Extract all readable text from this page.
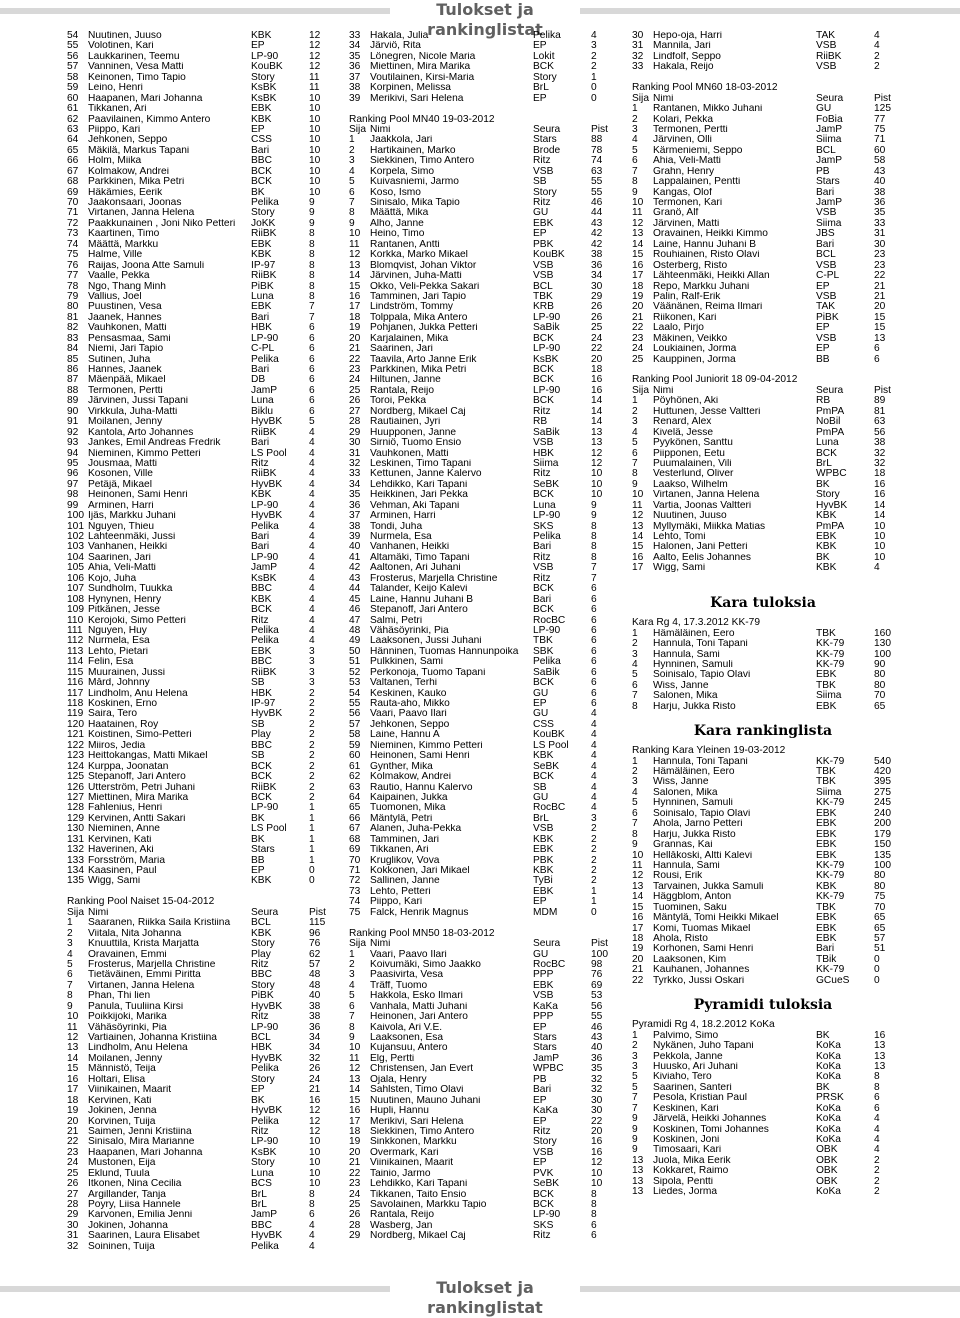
Tulokset ja rankinglistat
54 Nuutinen, Juuso	KBK	12
55 Volotinen, Kari	EP	12
56 Laukkarinen, Teemu	LP-90	12
57 Vanninen, Vesa Matti	KouBK	12
58 Keinonen, Timo Tapio	Story	11
59 Leino, Henri	KsBK	11
60 Haapanen, Mari Johanna	KsBK	10
61 Tikkanen, Ari	EBK	10
62 Paavilainen, Kimmo Antero	KBK	10
63 Piippo, Kari	EP	10
64 Jehkonen, Seppo	CSS	10
65 Mäkilä, Markus Tapani	Bari	10
66 Holm, Miika	BBC	10
67 Kolmakow, Andrei	BCK	10
68 Parkkinen, Mika Petri	BCK	10
69 Häkämies, Eerik	BK	10
70 Jaakonsaari, Joonas	Pelika	9
71 Virtanen, Janna Helena	Story	9
72 Paakkunainen , Joni Niko Petteri	JoKK	9
73 Kaartinen, Timo	RiiBK	8
74 Määttä, Markku	EBK	8
75 Halme, Ville	KBK	8
76 Raijas, Joona Atte Samuli	IP-97	8
77 Vaalle, Pekka	RiiBK	8
78 Ngo, Thang Minh	PiBK	8
79 Vallius, Joel	Luna	8
80 Puustinen, Vesa	EBK	7
81 Jaanek, Hannes	Bari	7
82 Vauhkonen, Matti	HBK	6
83 Pensasmaa, Sami	LP-90	6
84 Niemi, Jari Tapio	C-PL	6
85 Sutinen, Juha	Pelika	6
86 Hannes, Jaanek	Bari	6
87 Mäenpää, Mikael	DB	6
88 Termonen, Pertti	JamP	6
89 Järvinen, Jussi Tapani	Luna	6
90 Virkkula, Juha-Matti	Biklu	6
91 Moilanen, Jenny	HyvBK	5
92 Kantola, Arto Johannes	RiiBK	4
93 Jankes, Emil Andreas Fredrik	Bari	4
94 Nieminen, Kimmo Petteri	LS Pool	4
95 Jousmaa, Matti	Ritz	4
96 Kosonen, Ville	RiiBK	4
97 Petäjä, Mikael	HyvBK	4
98 Heinonen, Sami Henri	KBK	4
99 Arminen, Harri	LP-90	4
100 Ijäs, Markku Juhani	HyvBK	4
101 Nguyen, Thieu	Pelika	4
102 Lahteenmäki, Jussi	Bari	4
103 Vanhanen, Heikki	Bari	4
104 Saarinen, Jari	LP-90	4
105 Ahia, Veli-Matti	JamP	4
106 Kojo, Juha	KsBK	4
107 Sundholm, Tuukka	BBC	4
108 Hynynen, Henry	KBK	4
109 Pitkänen, Jesse	BCK	4
110 Kerojoki, Simo Petteri	Ritz	4
111 Nguyen, Huy	Pelika	4
112 Nurmela, Esa	Pelika	4
113 Lehto, Pietari	EBK	3
114 Felin, Esa	BBC	3
115 Muurainen, Jussi	RiiBK	3
116 Mård, Johnny	SB	3
117 Lindholm, Anu Helena	HBK	2
118 Koskinen, Erno	IP-97	2
119 Saira, Tero	HyvBK	2
120 Haatainen, Roy	SB	2
121 Koistinen, Simo-Petteri	Play	2
122 Miiros, Jedia	BBC	2
123 Heittokangas, Matti Mikael	SB	2
124 Kurppa, Joonatan	BCK	2
125 Stepanoff, Jari Antero	BCK	2
126 Utterström, Petri Juhani	RiiBK	2
127 Miettinen, Mira Marika	BCK	2
128 Fahlenius, Henri	LP-90	1
129 Kervinen, Antti Sakari	BK	1
130 Nieminen, Anne	LS Pool	1
131 Kervinen, Kati	BK	1
132 Haverinen, Aki	Stars	1
133 Forsström, Maria	BB	1
134 Kaasinen, Paul	EP	0
135 Wigg, Sami	KBK	0
Ranking Pool Naiset 15-04-2012
Sija Nimi	Seura	Pist
1	Saaranen, Riikka Saila Kristiina	BCL	115
2	Viitala, Nita Johanna	KBK	96
3	Knuuttila, Krista Marjatta	Story	76
4	Oravainen, Emmi	Play	62
5	Frosterus, Marjella Christine	Ritz	57
6	Tietäväinen, Emmi Piritta	BBC	48
7	Virtanen, Janna Helena	Story	48
8	Phan, Thi lien	PiBK	40
9	Panula, Tuuliina Kirsi	HyvBK	38
10 Poikkijoki, Marika	Ritz	38
11	Vähäsöyrinki, Pia	LP-90	36
12 Vartiainen, Johanna Kristiina	BCL	34
13 Lindholm, Anu Helena	HBK	34
14 Moilanen, Jenny	HyvBK	32
15 Männistö, Teija	Pelika	26
16 Holtari, Elisa	Story	24
17 Viinikainen, Maarit	EP	21
18 Kervinen, Kati	BK	16
19 Jokinen, Jenna	HyvBK	12
20 Korvinen, Tuija	Pelika	12
21 Saimen, Jenni Kristiina	Ritz	12
22 Sinisalo, Mira Marianne	LP-90	10
23 Haapanen, Mari Johanna	KsBK	10
24 Mustonen, Eija	Story	10
25 Eklund, Tuula	Luna	10
26 Itkonen, Nina Cecilia	BCS	10
27 Argillander, Tanja	BrL	8
28 Poyry, Liisa Hannele	BrL	8
29 Karvonen, Emilia Jenni	JamP	6
30 Jokinen, Johanna	BBC	4
31 Saarinen, Laura Elisabet	HyvBK	4
32 Soininen, Tuija	Pelika	4
33 Hakala, Julia	Pelika	4
34 Järviö, Rita	EP	3
35 Lönegren, Nicole Maria	Lokit	2
36 Miettinen, Mira Marika	BCK	2
37 Voutilainen, Kirsi-Maria	Story	1
38 Korpinen, Melissa	BrL	0
39 Merikivi, Sari Helena	EP	0
Ranking Pool MN40 19-03-2012
Sija Nimi	Seura	Pist
1	Jaakkola, Jari	Stars	88
2	Hartikainen, Marko	Brode	78
3	Siekkinen, Timo Antero	Ritz	74
4	Korpela, Simo	VSB	63
5	Kuivasniemi, Jarmo	SB	55
6	Koso, Ismo	Story	55
7	Sinisalo, Mika Tapio	Ritz	46
8	Määttä, Mika	GU	44
9	Alho, Janne	EBK	43
10 Heino, Timo	EP	42
11	Rantanen, Antti	PBK	42
12 Korkka, Marko Mikael	KouBK	38
13 Blomqvist, Johan Viktor	VSB	36
14 Järvinen, Juha-Matti	VSB	34
15 Okko, Veli-Pekka Sakari	BCL	30
16 Tamminen, Jari Tapio	TBK	29
17 Lindström, Tommy	KRB	26
18 Tolppala, Mika Antero	LP-90	26
19 Pohjanen, Jukka Petteri	SaBik	25
20 Karjalainen, Mika	BCK	24
21 Saarinen, Jari	LP-90	22
22 Taavila, Arto Janne Erik	KsBK	20
23 Parkkinen, Mika Petri	BCK	18
24 Hiltunen, Janne	BCK	16
25 Rantala, Reijo	LP-90	16
26 Toroi, Pekka	BCK	14
27 Nordberg, Mikael Caj	Ritz	14
28 Rautiainen, Jyri	RB	14
29 Huupponen, Janne	SaBik	13
30 Sirniö, Tuomo Ensio	VSB	13
31 Vauhkonen, Matti	HBK	12
32 Leskinen, Timo Tapani	Siima	12
33 Kettunen, Janne Kalervo	Ritz	10
34 Lehdikko, Kari Tapani	SeBK	10
35 Heikkinen, Jari Pekka	BCK	10
36 Vehman, Aki Tapani	Luna	9
37 Arminen, Harri	LP-90	9
38 Tondi, Juha	SKS	8
39 Nurmela, Esa	Pelika	8
40 Vanhanen, Heikki	Bari	8
41 Altamäki, Timo Tapani	Ritz	8
42 Aaltonen, Ari Juhani	VSB	7
43 Frosterus, Marjella Christine	Ritz	7
44 Talander, Keijo Kalevi	BCK	6
45 Laine, Hannu Juhani B	Bari	6
46 Stepanoff, Jari Antero	BCK	6
47 Salmi, Petri	RocBC	6
48 Vähäsöyrinki, Pia	LP-90	6
49 Laaksonen, Jussi Juhani	TBK	6
50 Hänninen, Tuomas Hannunpoika	SBK	6
51 Pulkkinen, Sami	Pelika	6
52 Perkonoja, Tuomo Tapani	SaBik	6
53 Valtanen, Terhi	BCK	6
54 Keskinen, Kauko	GU	6
55 Rauta-aho, Mikko	EP	6
56 Vaari, Paavo Ilari	GU	4
57 Jehkonen, Seppo	CSS	4
58 Laine, Hannu A	KouBK	4
59 Nieminen, Kimmo Petteri	LS Pool	4
60 Heinonen, Sami Henri	KBK	4
61 Gynther, Mika	SeBK	4
62 Kolmakow, Andrei	BCK	4
63 Rautio, Hannu Kalervo	SB	4
64 Kaipainen, Jukka	GU	4
65 Tuomonen, Mika	RocBC	4
66 Mäntylä, Petri	BrL	3
67 Alanen, Juha-Pekka	VSB	2
68 Tamminen, Jari	KBK	2
69 Tikkanen, Ari	EBK	2
70 Kruglikov, Vova	PBK	2
71 Kokkonen, Jari Mikael	KBK	2
72 Sallinen, Janne	TyBi	2
73 Lehto, Petteri	EBK	1
74 Piippo, Kari	EP	1
75 Falck, Henrik Magnus	MDM	0
Ranking Pool MN50 18-03-2012
Sija Nimi	Seura	Pist
1	Vaari, Paavo Ilari	GU	100
2	Koivumäki, Simo Jaakko	RocBC	98
3	Paasivirta, Vesa	PPP	76
4	Träff, Tuomo	EBK	69
5	Hakkola, Esko Ilmari	VSB	53
6	Vanhala, Matti Juhani	KaKa	56
7	Heinonen, Jari Antero	PPP	55
8	Kaivola, Ari V.E.	EP	46
9	Laaksonen, Esa	Stars	43
10 Kujansuu, Antero	Stars	40
11	Elg, Pertti	JamP	36
12 Christensen, Jan Evert	WPBC	35
13 Ojala, Henry	PB	32
14 Sahlsten, Timo Olavi	Bari	32
15 Nuutinen, Mauno Juhani	EP	30
16 Hupli, Hannu	KaKa	30
17 Merikivi, Sari Helena	EP	22
18 Siekkinen, Timo Antero	Ritz	20
19 Sinkkonen, Markku	Story	16
20 Overmark, Kari	VSB	16
21 Viinikainen, Maarit	EP	12
22 Tainio, Jarmo	PVK	10
23 Lehdikko, Kari Tapani	SeBK	10
24 Tikkanen, Taito Ensio	BCK	8
25 Savolainen, Markku Tapio	BCK	8
26 Rantala, Reijo	LP-90	8
28 Wasberg, Jan	SKS	6
29 Nordberg, Mikael Caj	Ritz	6
30 Hepo-oja, Harri	TAK	4
31 Mannila, Jari	VSB	4
32 Lindfolf, Seppo	RiiBK	2
33 Hakala, Reijo	VSB	2
Ranking Pool MN60 18-03-2012
Sija Nimi	Seura	Pist
1	Rantanen, Mikko Juhani	GU	125
2	Kolari, Pekka	FoBia	77
3	Termonen, Pertti	JamP	75
4	Järvinen, Olli	Siima	71
5	Kärmeniemi, Seppo	BCL	60
6	Ahia, Veli-Matti	JamP	58
7	Grahn, Henry	PB	43
8	Lappalainen, Pentti	Stars	40
9	Kangas, Olof	Bari	38
10 Termonen, Kari	JamP	36
11	Granö, Alf	VSB	35
12 Järvinen, Matti	Siima	33
13 Oravainen, Heikki Kimmo	JBS	31
14 Laine, Hannu Juhani B	Bari	30
15 Rouhiainen, Risto Olavi	BCL	23
16 Österberg, Risto	VSB	23
17 Lähteenmäki, Heikki Allan	C-PL	22
18 Repo, Markku Juhani	EP	21
19 Palin, Ralf-Erik	VSB	21
20 Väänänen, Reima Ilmari	TAK	20
21 Riikonen, Kari	PiBK	15
22 Laalo, Pirjo	EP	15
23 Mäkinen, Veikko	VSB	13
24 Loukiainen, Jorma	EP	6
25 Kauppinen, Jorma	BB	6
Ranking Pool Juniorit 18 09-04-2012
Sija Nimi	Seura	Pist
1	Pöyhönen, Aki	RB	89
2	Huttunen, Jesse Valtteri	PmPA	81
3	Renard, Alex	NoBil	63
4	Kivelä, Jesse	PmPA	56
5	Pyykönen, Santtu	Luna	38
6	Piipponen, Eetu	BCK	32
7	Puumalainen, Vili	BrL	32
8	Vesterlund, Oliver	WPBC	18
9	Laakso, Wilhelm	BK	16
10 Virtanen, Janna Helena	Story	16
11	Vartia, Joonas Valtteri	HyvBK	14
12 Nuutinen, Juuso	KBK	14
13 Myllymäki, Miikka Matias	PmPA	10
14 Lehto, Tomi	EBK	10
15 Halonen, Jani Petteri	KBK	10
16 Aalto, Eelis Johannes	BK	10
17 Wigg, Sami	KBK	4
Kara tuloksia
Kara Rg 4, 17.3.2012 KK-79
1	Hämäläinen, Eero	TBK	160
2	Hannula, Toni Tapani	KK-79	130
3	Hannula, Sami	KK-79	100
4	Hynninen, Samuli	KK-79	90
5	Soinisalo, Tapio Olavi	EBK	80
6	Wiss, Janne	TBK	80
7	Salonen, Mika	Siima	70
8	Harju, Jukka Risto	EBK	65
Kara rankinglista
Ranking Kara Yleinen 19-03-2012
1	Hannula, Toni Tapani	KK-79	540
2	Hämäläinen, Eero	TBK	420
3	Wiss, Janne	TBK	395
4	Salonen, Mika	Siima	275
5	Hynninen, Samuli	KK-79	245
6	Soinisalo, Tapio Olavi	EBK	240
7	Ahola, Jarno Petteri	EBK	200
8	Harju, Jukka Risto	EBK	179
9	Grannas, Kai	EBK	150
10 Hellåkoski, Altti Kalevi	EBK	135
11	Hannula, Sami	KK-79	100
12 Rousi, Erik	KK-79	80
13 Tarvainen, Jukka Samuli	KBK	80
14 Häggblom, Anton	KK-79	75
15 Tuominen, Saku	TBK	70
16 Mäntylä, Tomi Heikki Mikael	EBK	65
17 Komi, Tuomas Mikael	EBK	65
18 Ahola, Risto	EBK	57
19 Korhonen, Sami Henri	Bari	51
20 Laaksonen, Kim	TBik	0
21 Kauhanen, Johannes	KK-79	0
22 Tyrkko, Jussi Oskari	GCueS	0
Pyramidi tuloksia
Pyramidi Rg 4, 18.2.2012 KoKa
1	Palvimo, Simo	BK	16
2	Nykänen, Juho Tapani	KoKa	13
3	Pekkola, Janne	KoKa	13
3	Huusko, Ari Juhani	KoKa	13
5	Kiviaho, Tero	KoKa	8
5	Saarinen, Santeri	BK	8
7	Pesola, Kristian Paul	PRSK	6
7	Keskinen, Kari	KoKa	6
9	Järvelä, Heikki Johannes	KoKa	4
9	Koskinen, Tomi Johannes	KoKa	4
9	Koskinen, Joni	KoKa	4
9	Timosaari, Kari	OBK	4
13 Juola, Mika Eerik	OBK	2
13 Kokkaret, Raimo	OBK	2
13 Sipola, Pentti	OBK	2
13 Liedes, Jorma	KoKa	2
Tulokset ja rankinglistat
